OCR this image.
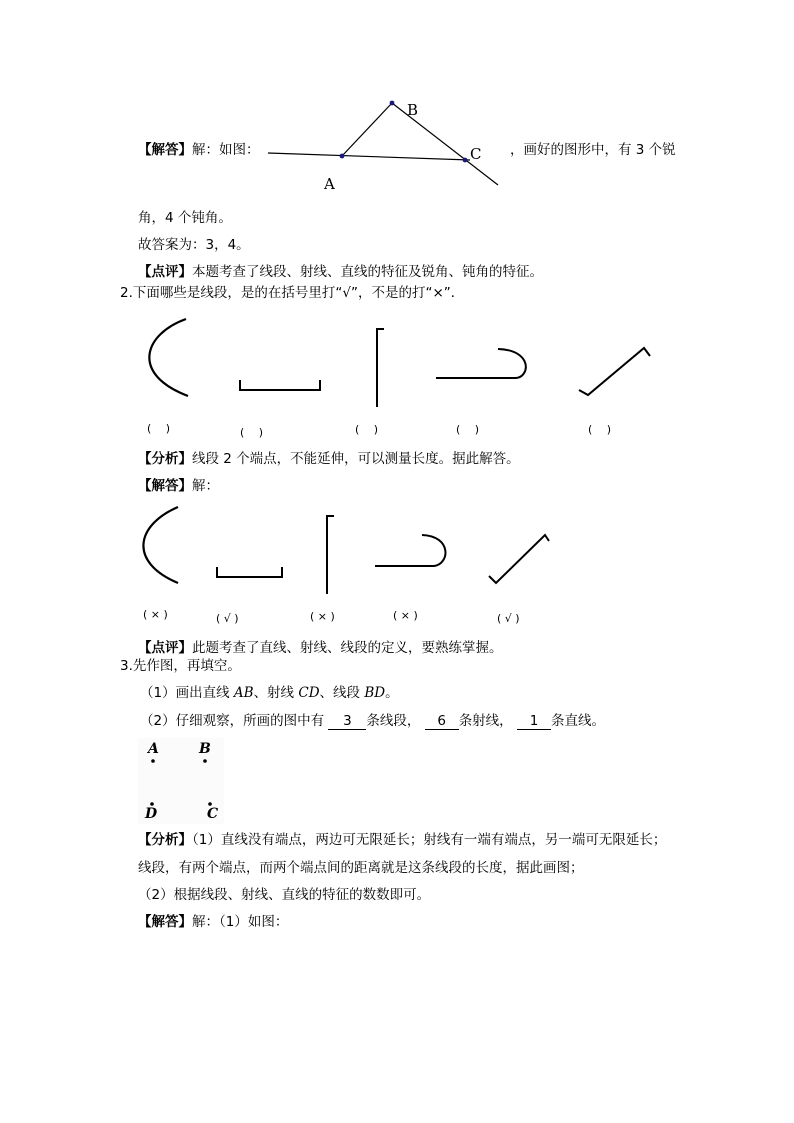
【解答】解：如图：
A
B
C ，画好的图形中，有 3 个锐
角，4 个钝角。
故答案为：3，4。
【点评】本题考查了线段、射线、直线的特征及锐角、钝角的特征。
2.下面哪些是线段，是的在括号里打“√”，不是的打“×”．
(　 )	(　 )	(　 )	(　 )	(　 )
【分析】线段 2 个端点，不能延伸，可以测量长度。据此解答。
【解答】解：
( × )	( √ )	( × )	( × )	( √ )
【点评】此题考查了直线、射线、线段的定义，要熟练掌握。
3.先作图，再填空。
（1）画出直线 AB、射线 CD、线段 BD。
（2）仔细观察，所画的图中有 3 条线段， 6 条射线， 1 条直线。
A	B
D	C
【分析】（1）直线没有端点，两边可无限延长；射线有一端有端点，另一端可无限延长；
线段，有两个端点，而两个端点间的距离就是这条线段的长度，据此画图；
（2）根据线段、射线、直线的特征的数数即可。
【解答】解：（1）如图：
